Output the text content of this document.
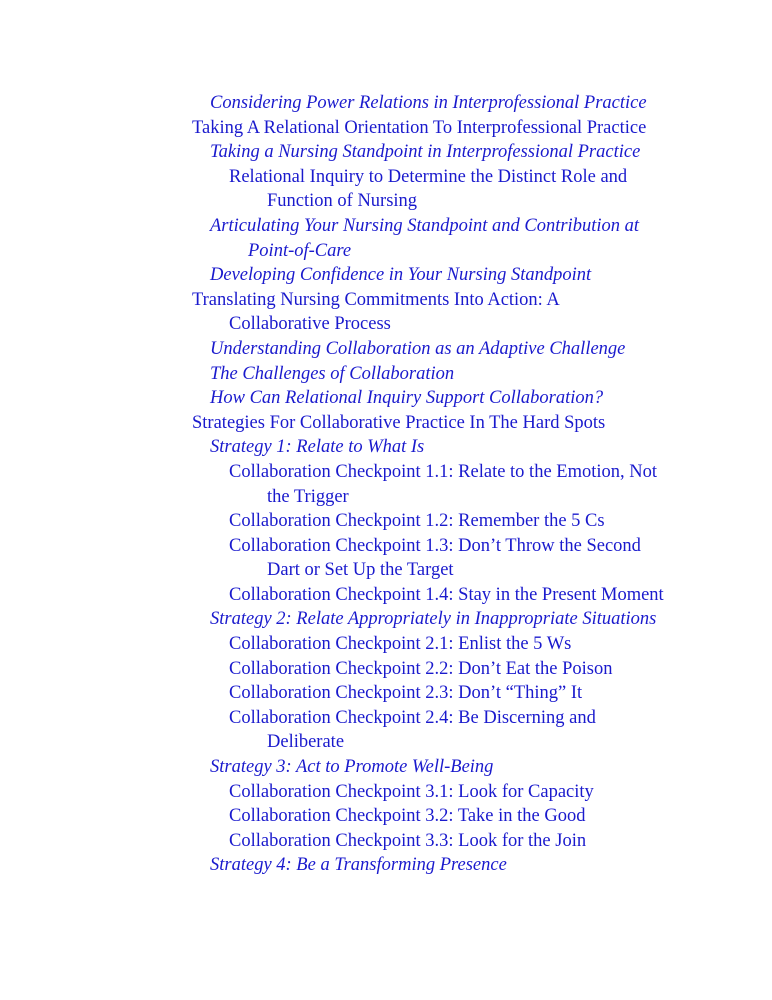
Considering Power Relations in Interprofessional Practice
Taking A Relational Orientation To Interprofessional Practice
Taking a Nursing Standpoint in Interprofessional Practice
Relational Inquiry to Determine the Distinct Role and
Function of Nursing
Articulating Your Nursing Standpoint and Contribution at
Point-of-Care
Developing Confidence in Your Nursing Standpoint
Translating Nursing Commitments Into Action: A
Collaborative Process
Understanding Collaboration as an Adaptive Challenge
The Challenges of Collaboration
How Can Relational Inquiry Support Collaboration?
Strategies For Collaborative Practice In The Hard Spots
Strategy 1: Relate to What Is
Collaboration Checkpoint 1.1: Relate to the Emotion, Not
the Trigger
Collaboration Checkpoint 1.2: Remember the 5 Cs
Collaboration Checkpoint 1.3: Don’t Throw the Second
Dart or Set Up the Target
Collaboration Checkpoint 1.4: Stay in the Present Moment
Strategy 2: Relate Appropriately in Inappropriate Situations
Collaboration Checkpoint 2.1: Enlist the 5 Ws
Collaboration Checkpoint 2.2: Don’t Eat the Poison
Collaboration Checkpoint 2.3: Don’t “Thing” It
Collaboration Checkpoint 2.4: Be Discerning and
Deliberate
Strategy 3: Act to Promote Well-Being
Collaboration Checkpoint 3.1: Look for Capacity
Collaboration Checkpoint 3.2: Take in the Good
Collaboration Checkpoint 3.3: Look for the Join
Strategy 4: Be a Transforming Presence
